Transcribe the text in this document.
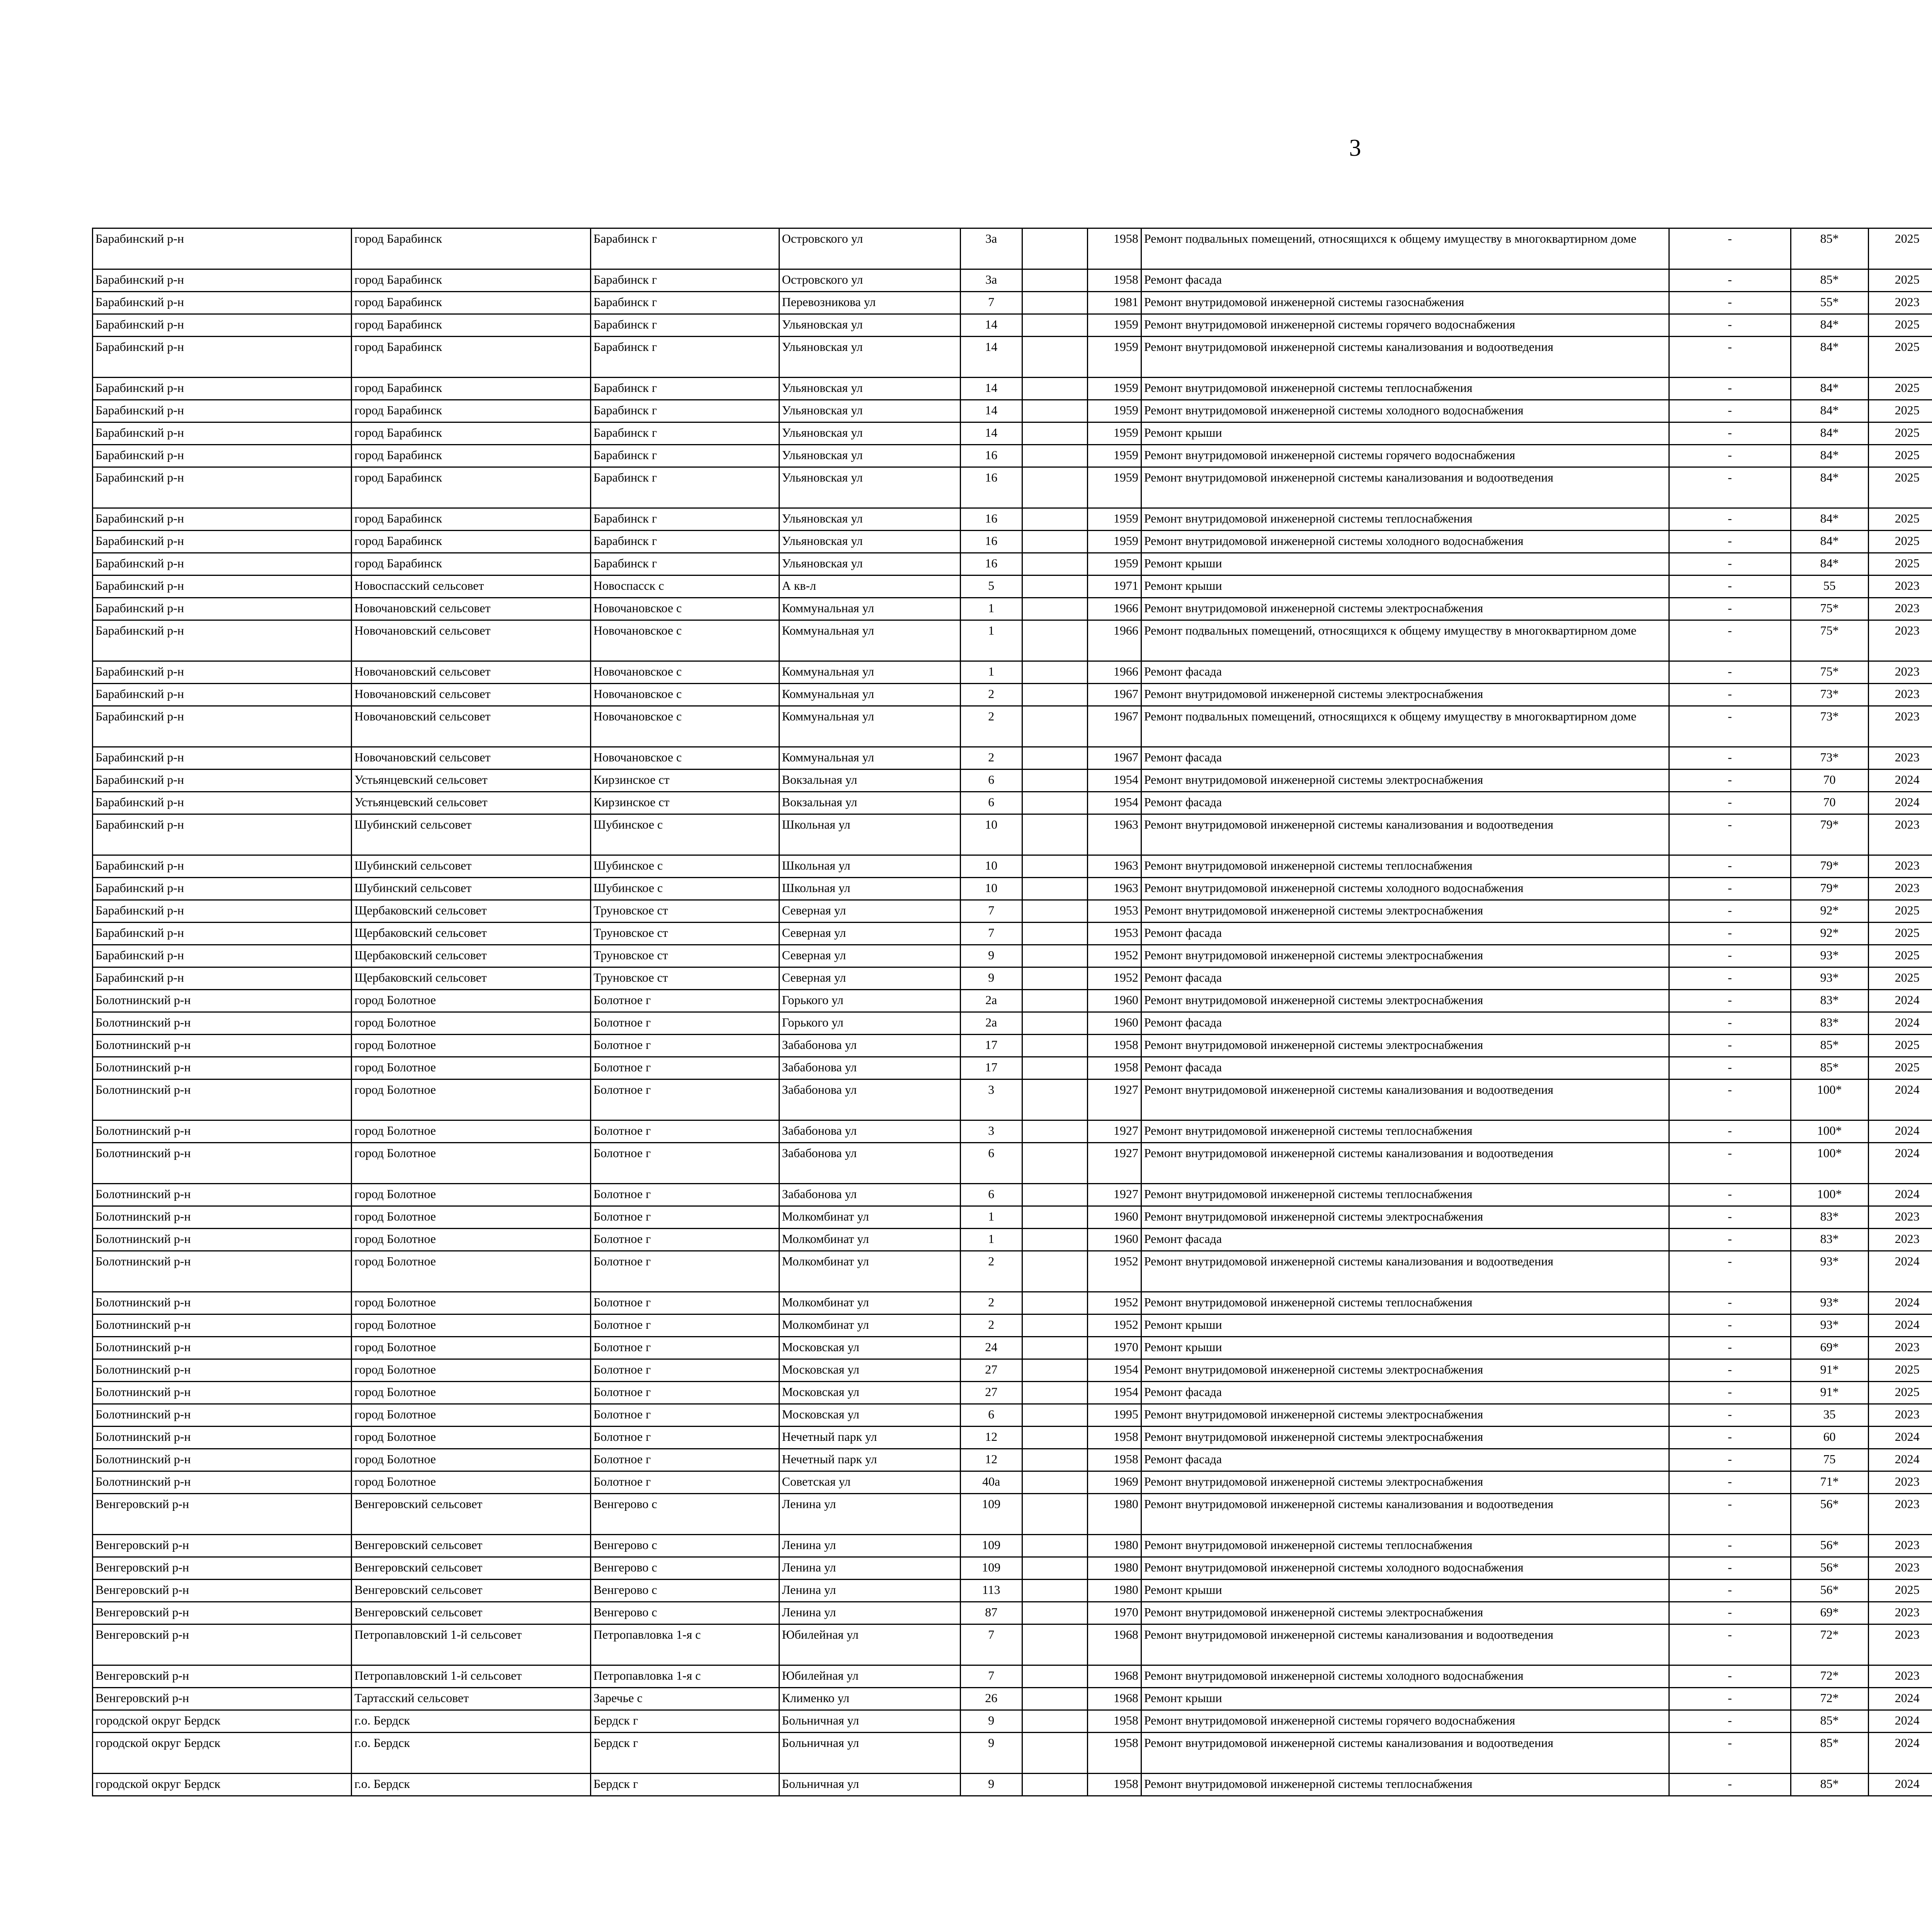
3
Барабинский р-н	город Барабинск	Барабинск г	Островского ул	3а		1958	Ремонт подвальных помещений, относящихся к общему имуществу в многоквартирном доме	-	85*	2025							
Барабинский р-н	город Барабинск	Барабинск г	Островского ул	3а		1958	Ремонт фасада	-	85*	2025							
Барабинский р-н	город Барабинск	Барабинск г	Перевозникова ул	7		1981	Ремонт внутридомовой инженерной системы газоснабжения	-	55*	2023							
Барабинский р-н	город Барабинск	Барабинск г	Ульяновская ул	14		1959	Ремонт внутридомовой инженерной системы горячего водоснабжения	-	84*	2025							
Барабинский р-н	город Барабинск	Барабинск г	Ульяновская ул	14		1959	Ремонт внутридомовой инженерной системы канализования и водоотведения	-	84*	2025							
Барабинский р-н	город Барабинск	Барабинск г	Ульяновская ул	14		1959	Ремонт внутридомовой инженерной системы теплоснабжения	-	84*	2025							
Барабинский р-н	город Барабинск	Барабинск г	Ульяновская ул	14		1959	Ремонт внутридомовой инженерной системы холодного водоснабжения	-	84*	2025							
Барабинский р-н	город Барабинск	Барабинск г	Ульяновская ул	14		1959	Ремонт крыши	-	84*	2025							
Барабинский р-н	город Барабинск	Барабинск г	Ульяновская ул	16		1959	Ремонт внутридомовой инженерной системы горячего водоснабжения	-	84*	2025							
Барабинский р-н	город Барабинск	Барабинск г	Ульяновская ул	16		1959	Ремонт внутридомовой инженерной системы канализования и водоотведения	-	84*	2025							
Барабинский р-н	город Барабинск	Барабинск г	Ульяновская ул	16		1959	Ремонт внутридомовой инженерной системы теплоснабжения	-	84*	2025							
Барабинский р-н	город Барабинск	Барабинск г	Ульяновская ул	16		1959	Ремонт внутридомовой инженерной системы холодного водоснабжения	-	84*	2025							
Барабинский р-н	город Барабинск	Барабинск г	Ульяновская ул	16		1959	Ремонт крыши	-	84*	2025							
Барабинский р-н	Новоспасский сельсовет	Новоспасск с	А кв-л	5		1971	Ремонт крыши	-	55	2023							
Барабинский р-н	Новочановский сельсовет	Новочановское с	Коммунальная ул	1		1966	Ремонт внутридомовой инженерной системы электроснабжения	-	75*	2023							
Барабинский р-н	Новочановский сельсовет	Новочановское с	Коммунальная ул	1		1966	Ремонт подвальных помещений, относящихся к общему имуществу в многоквартирном доме	-	75*	2023							
Барабинский р-н	Новочановский сельсовет	Новочановское с	Коммунальная ул	1		1966	Ремонт фасада	-	75*	2023							
Барабинский р-н	Новочановский сельсовет	Новочановское с	Коммунальная ул	2		1967	Ремонт внутридомовой инженерной системы электроснабжения	-	73*	2023							
Барабинский р-н	Новочановский сельсовет	Новочановское с	Коммунальная ул	2		1967	Ремонт подвальных помещений, относящихся к общему имуществу в многоквартирном доме	-	73*	2023							
Барабинский р-н	Новочановский сельсовет	Новочановское с	Коммунальная ул	2		1967	Ремонт фасада	-	73*	2023							
Барабинский р-н	Устьянцевский сельсовет	Кирзинское ст	Вокзальная ул	6		1954	Ремонт внутридомовой инженерной системы электроснабжения	-	70	2024							
Барабинский р-н	Устьянцевский сельсовет	Кирзинское ст	Вокзальная ул	6		1954	Ремонт фасада	-	70	2024							
Барабинский р-н	Шубинский сельсовет	Шубинское с	Школьная ул	10		1963	Ремонт внутридомовой инженерной системы канализования и водоотведения	-	79*	2023							
Барабинский р-н	Шубинский сельсовет	Шубинское с	Школьная ул	10		1963	Ремонт внутридомовой инженерной системы теплоснабжения	-	79*	2023							
Барабинский р-н	Шубинский сельсовет	Шубинское с	Школьная ул	10		1963	Ремонт внутридомовой инженерной системы холодного водоснабжения	-	79*	2023							
Барабинский р-н	Щербаковский сельсовет	Труновское ст	Северная ул	7		1953	Ремонт внутридомовой инженерной системы электроснабжения	-	92*	2025							
Барабинский р-н	Щербаковский сельсовет	Труновское ст	Северная ул	7		1953	Ремонт фасада	-	92*	2025							
Барабинский р-н	Щербаковский сельсовет	Труновское ст	Северная ул	9		1952	Ремонт внутридомовой инженерной системы электроснабжения	-	93*	2025							
Барабинский р-н	Щербаковский сельсовет	Труновское ст	Северная ул	9		1952	Ремонт фасада	-	93*	2025							
Болотнинский р-н	город Болотное	Болотное г	Горького ул	2а		1960	Ремонт внутридомовой инженерной системы электроснабжения	-	83*	2024							
Болотнинский р-н	город Болотное	Болотное г	Горького ул	2а		1960	Ремонт фасада	-	83*	2024							
Болотнинский р-н	город Болотное	Болотное г	Забабонова ул	17		1958	Ремонт внутридомовой инженерной системы электроснабжения	-	85*	2025							
Болотнинский р-н	город Болотное	Болотное г	Забабонова ул	17		1958	Ремонт фасада	-	85*	2025							
Болотнинский р-н	город Болотное	Болотное г	Забабонова ул	3		1927	Ремонт внутридомовой инженерной системы канализования и водоотведения	-	100*	2024							
Болотнинский р-н	город Болотное	Болотное г	Забабонова ул	3		1927	Ремонт внутридомовой инженерной системы теплоснабжения	-	100*	2024							
Болотнинский р-н	город Болотное	Болотное г	Забабонова ул	6		1927	Ремонт внутридомовой инженерной системы канализования и водоотведения	-	100*	2024							
Болотнинский р-н	город Болотное	Болотное г	Забабонова ул	6		1927	Ремонт внутридомовой инженерной системы теплоснабжения	-	100*	2024							
Болотнинский р-н	город Болотное	Болотное г	Молкомбинат ул	1		1960	Ремонт внутридомовой инженерной системы электроснабжения	-	83*	2023							
Болотнинский р-н	город Болотное	Болотное г	Молкомбинат ул	1		1960	Ремонт фасада	-	83*	2023							
Болотнинский р-н	город Болотное	Болотное г	Молкомбинат ул	2		1952	Ремонт внутридомовой инженерной системы канализования и водоотведения	-	93*	2024							
Болотнинский р-н	город Болотное	Болотное г	Молкомбинат ул	2		1952	Ремонт внутридомовой инженерной системы теплоснабжения	-	93*	2024							
Болотнинский р-н	город Болотное	Болотное г	Молкомбинат ул	2		1952	Ремонт крыши	-	93*	2024							
Болотнинский р-н	город Болотное	Болотное г	Московская ул	24		1970	Ремонт крыши	-	69*	2023							
Болотнинский р-н	город Болотное	Болотное г	Московская ул	27		1954	Ремонт внутридомовой инженерной системы электроснабжения	-	91*	2025							
Болотнинский р-н	город Болотное	Болотное г	Московская ул	27		1954	Ремонт фасада	-	91*	2025							
Болотнинский р-н	город Болотное	Болотное г	Московская ул	6		1995	Ремонт внутридомовой инженерной системы электроснабжения	-	35	2023							
Болотнинский р-н	город Болотное	Болотное г	Нечетный парк ул	12		1958	Ремонт внутридомовой инженерной системы электроснабжения	-	60	2024							
Болотнинский р-н	город Болотное	Болотное г	Нечетный парк ул	12		1958	Ремонт фасада	-	75	2024							
Болотнинский р-н	город Болотное	Болотное г	Советская ул	40а		1969	Ремонт внутридомовой инженерной системы электроснабжения	-	71*	2023							
Венгеровский р-н	Венгеровский сельсовет	Венгерово с	Ленина ул	109		1980	Ремонт внутридомовой инженерной системы канализования и водоотведения	-	56*	2023							
Венгеровский р-н	Венгеровский сельсовет	Венгерово с	Ленина ул	109		1980	Ремонт внутридомовой инженерной системы теплоснабжения	-	56*	2023							
Венгеровский р-н	Венгеровский сельсовет	Венгерово с	Ленина ул	109		1980	Ремонт внутридомовой инженерной системы холодного водоснабжения	-	56*	2023							
Венгеровский р-н	Венгеровский сельсовет	Венгерово с	Ленина ул	113		1980	Ремонт крыши	-	56*	2025							
Венгеровский р-н	Венгеровский сельсовет	Венгерово с	Ленина ул	87		1970	Ремонт внутридомовой инженерной системы электроснабжения	-	69*	2023							
Венгеровский р-н	Петропавловский 1-й сельсовет	Петропавловка 1-я с	Юбилейная ул	7		1968	Ремонт внутридомовой инженерной системы канализования и водоотведения	-	72*	2023							
Венгеровский р-н	Петропавловский 1-й сельсовет	Петропавловка 1-я с	Юбилейная ул	7		1968	Ремонт внутридомовой инженерной системы холодного водоснабжения	-	72*	2023							
Венгеровский р-н	Тартасский сельсовет	Заречье с	Клименко ул	26		1968	Ремонт крыши	-	72*	2024							
городской округ Бердск	г.о. Бердск	Бердск г	Больничная ул	9		1958	Ремонт внутридомовой инженерной системы горячего водоснабжения	-	85*	2024							
городской округ Бердск	г.о. Бердск	Бердск г	Больничная ул	9		1958	Ремонт внутридомовой инженерной системы канализования и водоотведения	-	85*	2024							
городской округ Бердск	г.о. Бердск	Бердск г	Больничная ул	9		1958	Ремонт внутридомовой инженерной системы теплоснабжения	-	85*	2024							
